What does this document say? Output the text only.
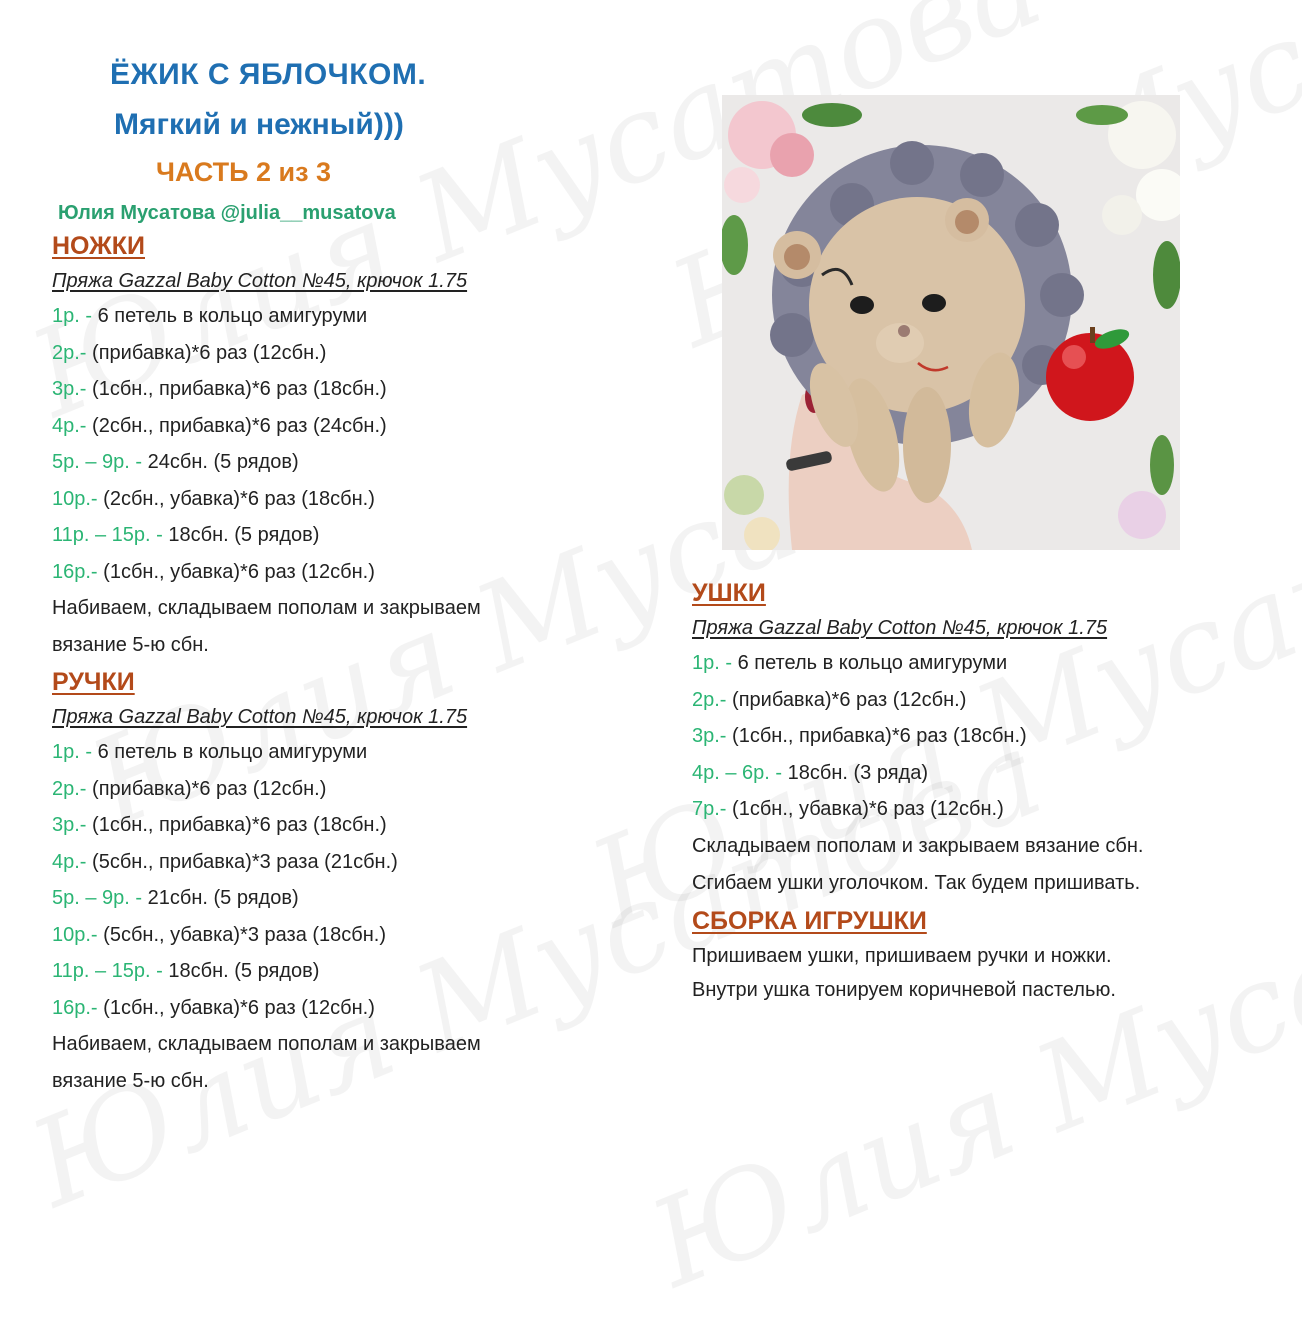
ЁЖИК С ЯБЛОЧКОМ.
Мягкий и нежный)))
ЧАСТЬ 2 из 3
Юлия Мусатова @julia__musatova
НОЖКИ
Пряжа Gazzal Baby Cotton №45, крючок 1.75
1р. - 6 петель в кольцо амигуруми
2р.- (прибавка)*6 раз (12сбн.)
3р.- (1сбн., прибавка)*6 раз (18сбн.)
4р.- (2сбн., прибавка)*6 раз (24сбн.)
5р. – 9р. - 24сбн. (5 рядов)
10р.- (2сбн., убавка)*6 раз (18сбн.)
11р. – 15р. - 18сбн. (5 рядов)
16р.- (1сбн., убавка)*6 раз (12сбн.)
Набиваем, складываем пополам и закрываем
вязание 5-ю сбн.
РУЧКИ
Пряжа Gazzal Baby Cotton №45, крючок 1.75
1р. - 6 петель в кольцо амигуруми
2р.- (прибавка)*6 раз (12сбн.)
3р.- (1сбн., прибавка)*6 раз (18сбн.)
4р.- (5сбн., прибавка)*3 раза (21сбн.)
5р. – 9р. - 21сбн. (5 рядов)
10р.- (5сбн., убавка)*3 раза (18сбн.)
11р. – 15р. - 18сбн. (5 рядов)
16р.- (1сбн., убавка)*6 раз (12сбн.)
Набиваем, складываем пополам и закрываем
вязание 5-ю сбн.
УШКИ
Пряжа Gazzal Baby Cotton №45, крючок 1.75
1р. - 6 петель в кольцо амигуруми
2р.- (прибавка)*6 раз (12сбн.)
3р.- (1сбн., прибавка)*6 раз (18сбн.)
4р. – 6р. - 18сбн. (3 ряда)
7р.- (1сбн., убавка)*6 раз (12сбн.)
Складываем пополам и закрываем вязание сбн.
Сгибаем ушки уголочком. Так будем пришивать.
СБОРКА ИГРУШКИ
Пришиваем ушки, пришиваем ручки и ножки.
Внутри ушка тонируем коричневой пастелью.
